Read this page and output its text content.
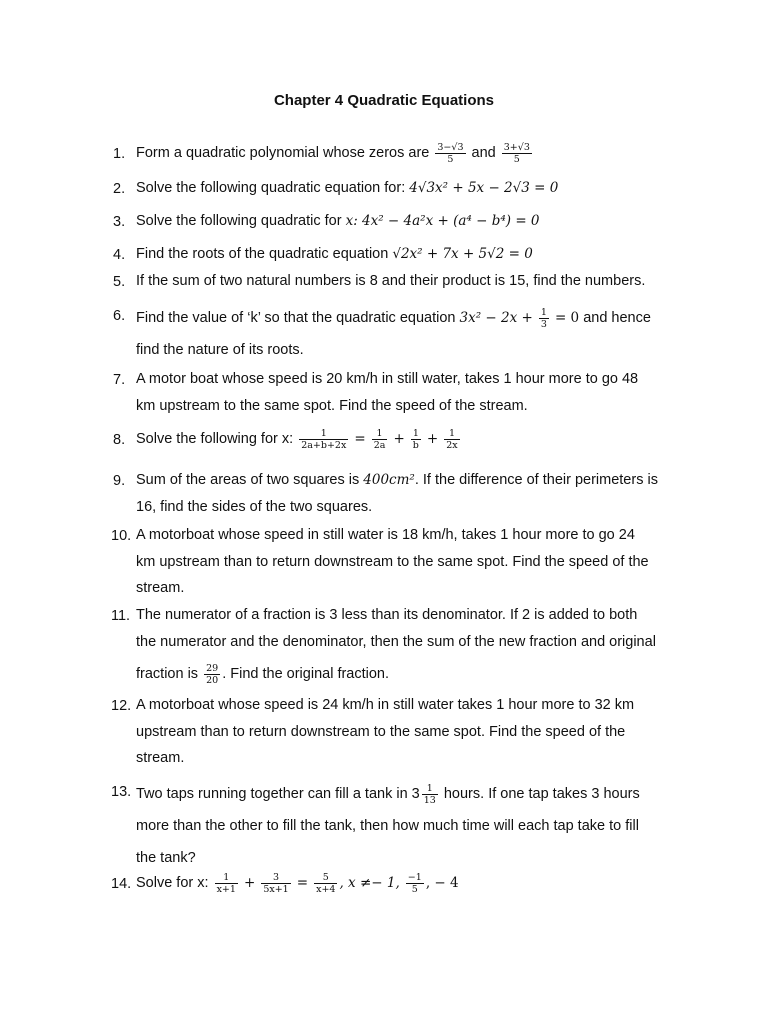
Chapter 4 Quadratic Equations
1. Form a quadratic polynomial whose zeros are $\frac{3-√3}{5}$ and $\frac{3+√3}{5}$
2. Solve the following quadratic equation for: 4√3x² + 5x − 2√3 = 0
3. Solve the following quadratic for x: 4x² − 4a²x + (a⁴ − b⁴) = 0
4. Find the roots of the quadratic equation √2x² + 7x + 5√2 = 0
5. If the sum of two natural numbers is 8 and their product is 15, find the numbers.
6. Find the value of ‘k’ so that the quadratic equation $3x^2 - 2x + \frac{1}{3} = 0$ and hence
find the nature of its roots.
7. A motor boat whose speed is 20 km/h in still water, takes 1 hour more to go 48
km upstream to the same spot. Find the speed of the stream.
8. Solve the following for x: $\frac{1}{2a+b+2x} = \frac{1}{2a} + \frac{1}{b} + \frac{1}{2x}$
9. Sum of the areas of two squares is 400cm². If the difference of their perimeters is
16, find the sides of the two squares.
10. A motorboat whose speed in still water is 18 km/h, takes 1 hour more to go 24
km upstream than to return downstream to the same spot. Find the speed of the
stream.
11. The numerator of a fraction is 3 less than its denominator. If 2 is added to both
the numerator and the denominator, then the sum of the new fraction and original
fraction is $\frac{29}{20}$ . Find the original fraction.
12. A motorboat whose speed is 24 km/h in still water takes 1 hour more to 32 km
upstream than to return downstream to the same spot. Find the speed of the
stream.
13. Two taps running together can fill a tank in $3 \frac{1}{13}$ hours. If one tap takes 3 hours
more than the other to fill the tank, then how much time will each tap take to fill
the tank?
14. Solve for x: $\frac{1}{x+1} + \frac{3}{5x+1} = \frac{5}{x+4}$ , x ≠− 1, $\frac{-1}{5}$ , − 4
